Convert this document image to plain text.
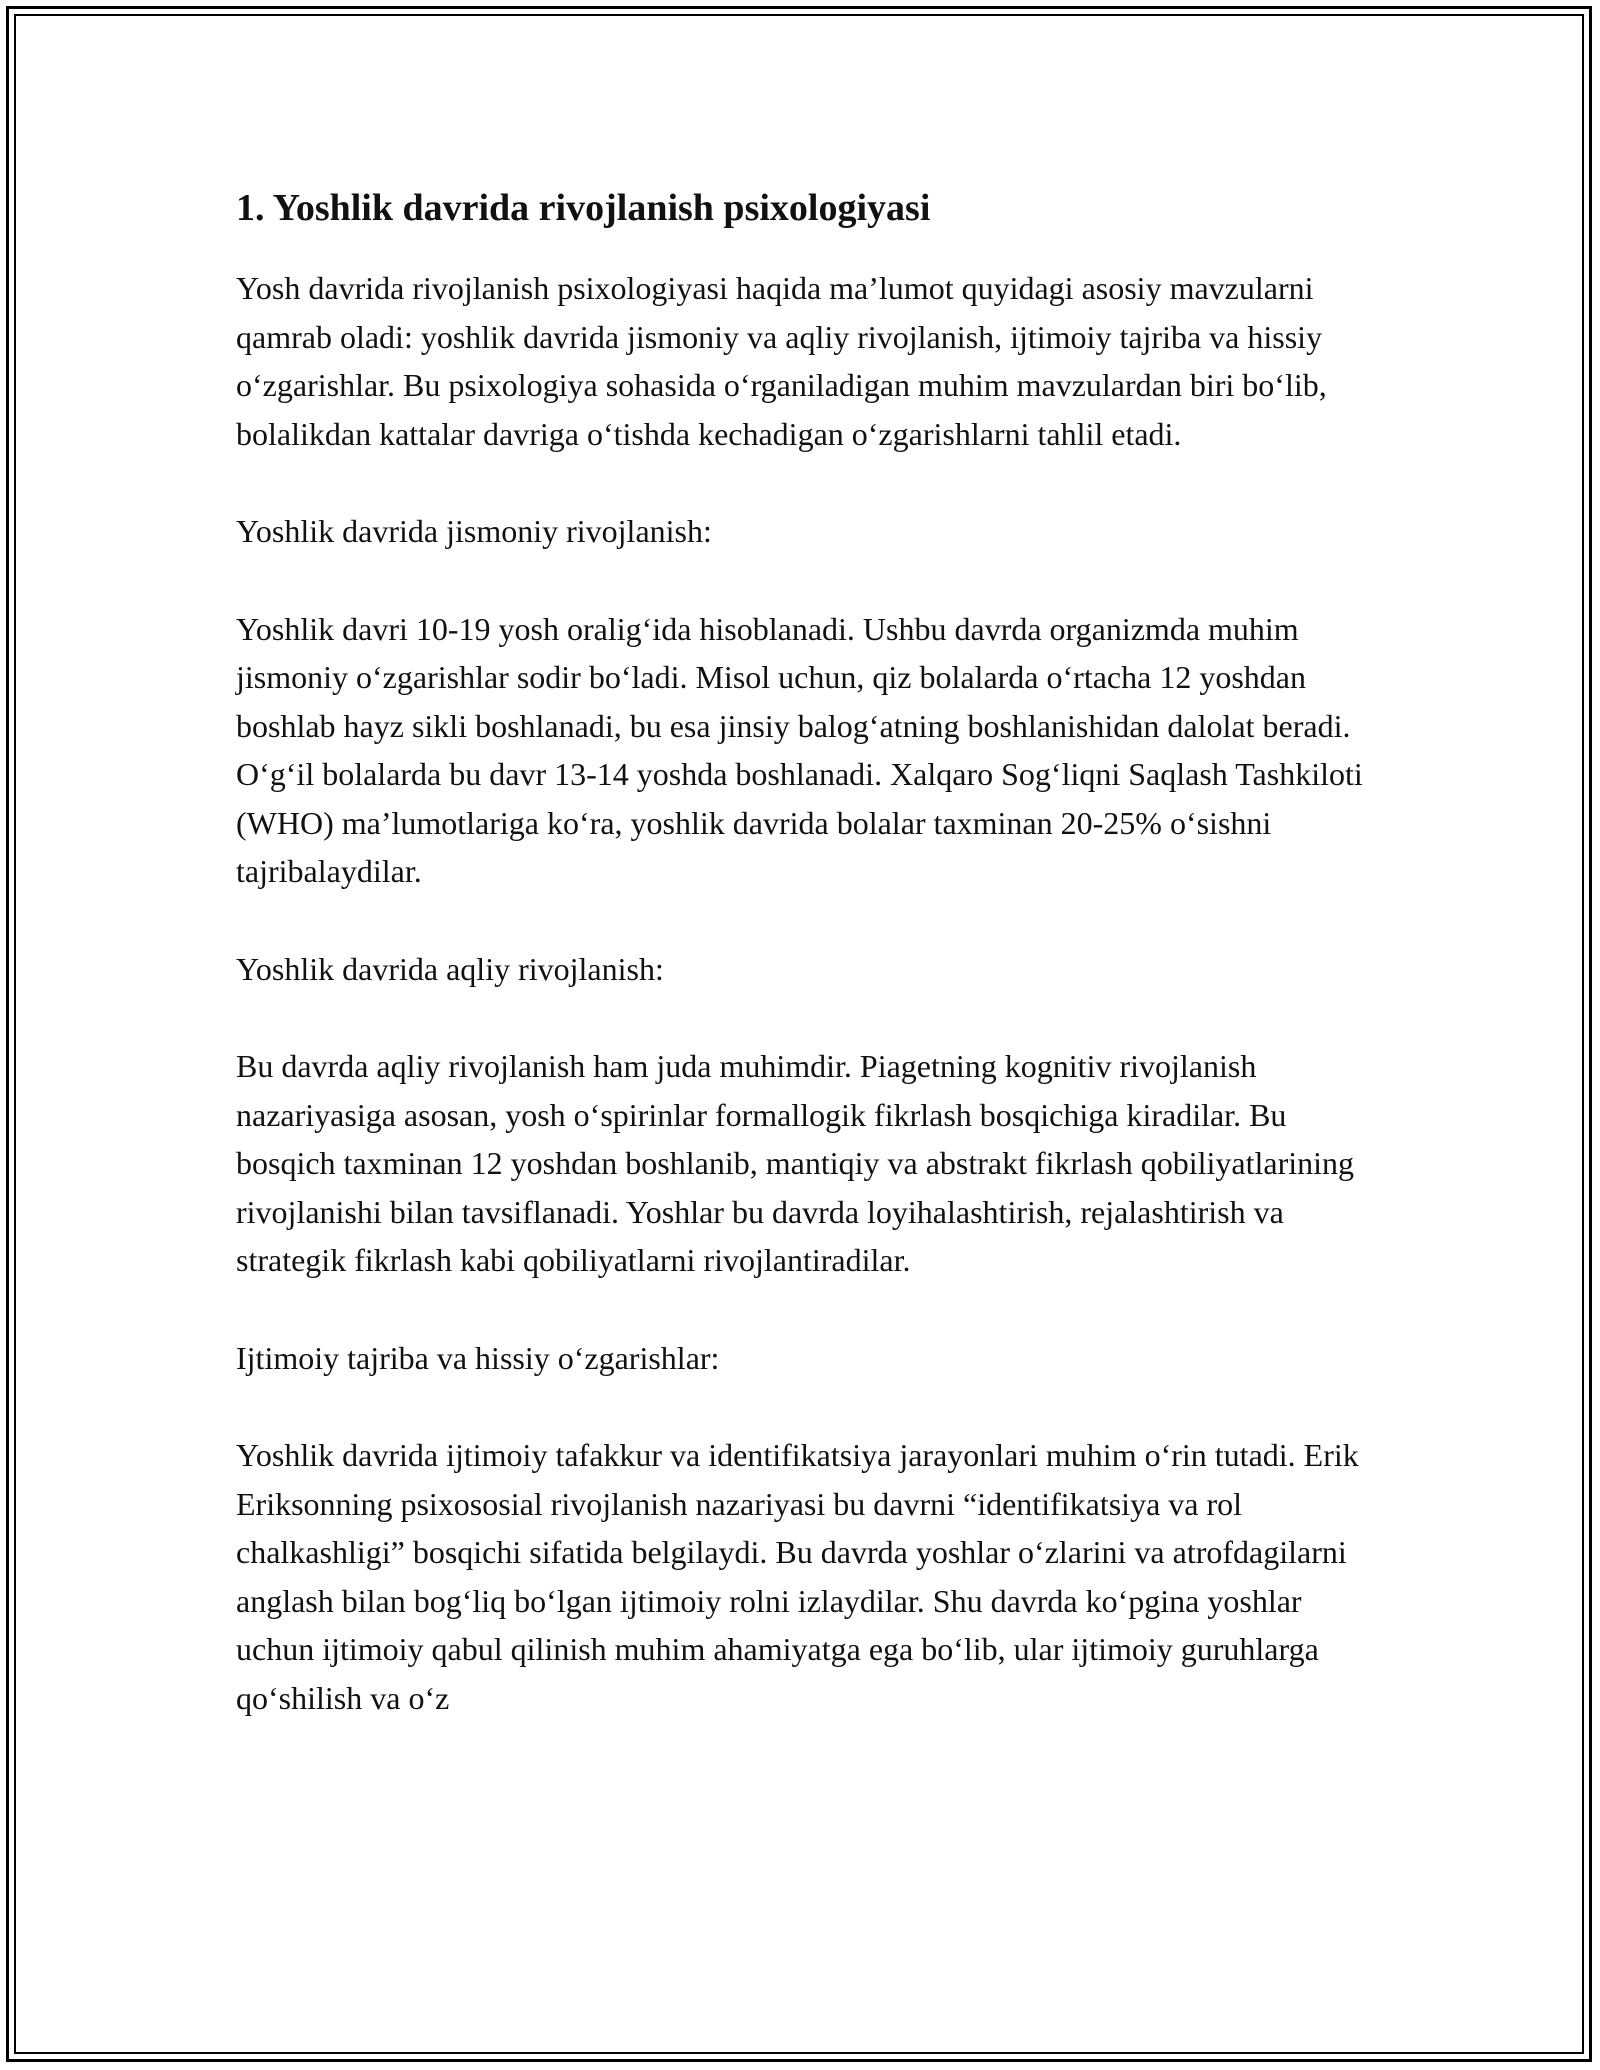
1. Yoshlik davrida rivojlanish psixologiyasi

Yosh davrida rivojlanish psixologiyasi haqida ma’lumot quyidagi asosiy mavzularni qamrab oladi: yoshlik davrida jismoniy va aqliy rivojlanish, ijtimoiy tajriba va hissiy o‘zgarishlar. Bu psixologiya sohasida o‘rganiladigan muhim mavzulardan biri bo‘lib, bolalikdan kattalar davriga o‘tishda kechadigan o‘zgarishlarni tahlil etadi.

Yoshlik davrida jismoniy rivojlanish:

Yoshlik davri 10-19 yosh oralig‘ida hisoblanadi. Ushbu davrda organizmda muhim jismoniy o‘zgarishlar sodir bo‘ladi. Misol uchun, qiz bolalarda o‘rtacha 12 yoshdan boshlab hayz sikli boshlanadi, bu esa jinsiy balog‘atning boshlanishidan dalolat beradi. O‘g‘il bolalarda bu davr 13-14 yoshda boshlanadi. Xalqaro Sog‘liqni Saqlash Tashkiloti (WHO) ma’lumotlariga ko‘ra, yoshlik davrida bolalar taxminan 20-25% o‘sishni tajribalaydilar.

Yoshlik davrida aqliy rivojlanish:

Bu davrda aqliy rivojlanish ham juda muhimdir. Piagetning kognitiv rivojlanish nazariyasiga asosan, yosh o‘spirinlar formallogik fikrlash bosqichiga kiradilar. Bu bosqich taxminan 12 yoshdan boshlanib, mantiqiy va abstrakt fikrlash qobiliyatlarining rivojlanishi bilan tavsiflanadi. Yoshlar bu davrda loyihalashtirish, rejalashtirish va strategik fikrlash kabi qobiliyatlarni rivojlantiradilar.

Ijtimoiy tajriba va hissiy o‘zgarishlar:

Yoshlik davrida ijtimoiy tafakkur va identifikatsiya jarayonlari muhim o‘rin tutadi. Erik Eriksonning psixososial rivojlanish nazariyasi bu davrni “identifikatsiya va rol chalkashligi” bosqichi sifatida belgilaydi. Bu davrda yoshlar o‘zlarini va atrofdagilarni anglash bilan bog‘liq bo‘lgan ijtimoiy rolni izlaydilar. Shu davrda ko‘pgina yoshlar uchun ijtimoiy qabul qilinish muhim ahamiyatga ega bo‘lib, ular ijtimoiy guruhlarga qo‘shilish va o‘z
